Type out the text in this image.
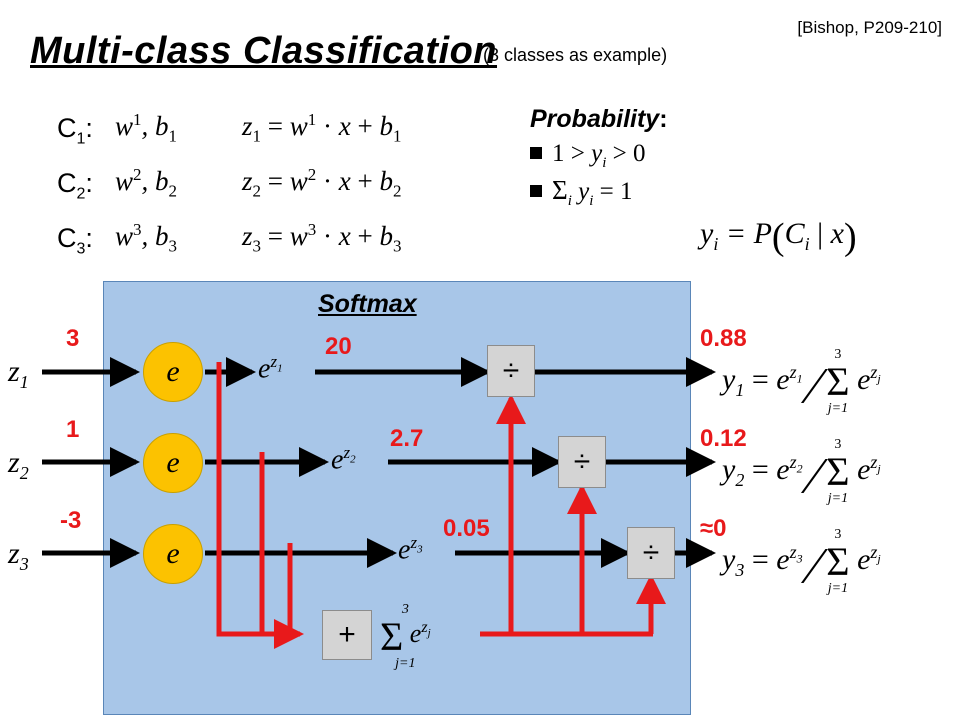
[Bishop, P209-210]
Multi-class Classification
(3 classes as example)
$C_1$: $w^1$, $b_1$ $z_1 = w^1 \cdot x + b_1$
$C_2$: $w^2$, $b_2$ $z_2 = w^2 \cdot x + b_2$
$C_3$: $w^3$, $b_3$ $z_3 = w^3 \cdot x + b_3$
Probability:
$1 > y_i > 0$
$\Sigma_i$ $y_i = 1$
$y_i = P(C_i$ | x)
Softmax
$z_1$
$z_2$
$z_3$
3
1
-3
e
e
e
$e^{z_1}$
$e^{z_2}$
$e^{z_3}$
20
2.7
0.05
÷
÷
÷
+
3
Σ $e^{z_j}$
j=1
0.88
0.12
≈0
$y_1 = e^{z_1}$ ∕
3
Σ
j=1
$e^{z_j}$
$y_2 = e^{z_2}$ ∕
3
Σ
j=1
$e^{z_j}$
$y_3 = e^{z_3}$ ∕
3
Σ
j=1
$e^{z_j}$
